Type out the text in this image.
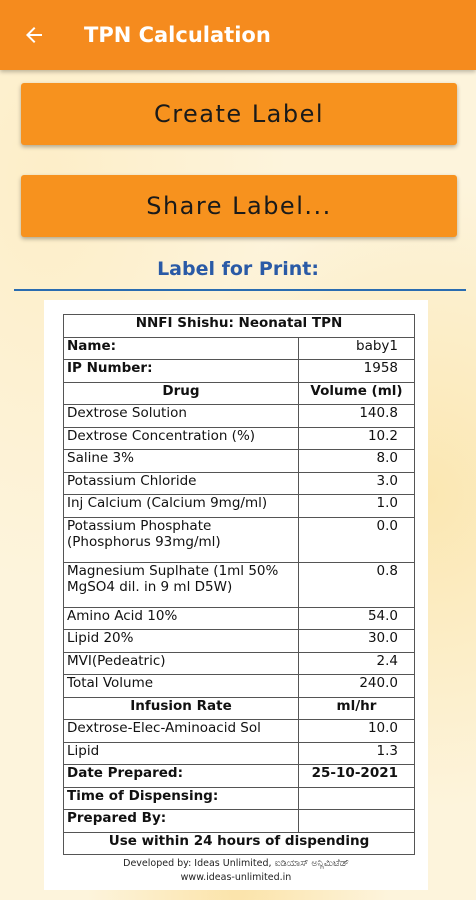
TPN Calculation
Create Label
Share Label...
Label for Print:
NNFI Shishu: Neonatal TPN	
Name:	baby1
IP Number:	1958
Drug	Volume (ml)
Dextrose Solution	140.8
Dextrose Concentration (%)	10.2
Saline 3%	8.0
Potassium Chloride	3.0
Inj Calcium (Calcium 9mg/ml)	1.0
Potassium Phosphate (Phosphorus 93mg/ml)	0.0
Magnesium Suplhate (1ml 50% MgSO4 dil. in 9 ml D5W)	0.8
Amino Acid 10%	54.0
Lipid 20%	30.0
MVI(Pedeatric)	2.4
Total Volume	240.0
Infusion Rate	ml/hr
Dextrose-Elec-Aminoacid Sol	10.0
Lipid	1.3
Date Prepared:	25-10-2021
Time of Dispensing:	
Prepared By:	
Use within 24 hours of dispending	
Developed by: Ideas Unlimited, ಐಡಿಯಾಸ್ ಅನ್ಲಿಮಿಟೆಡ್
www.ideas-unlimited.in
